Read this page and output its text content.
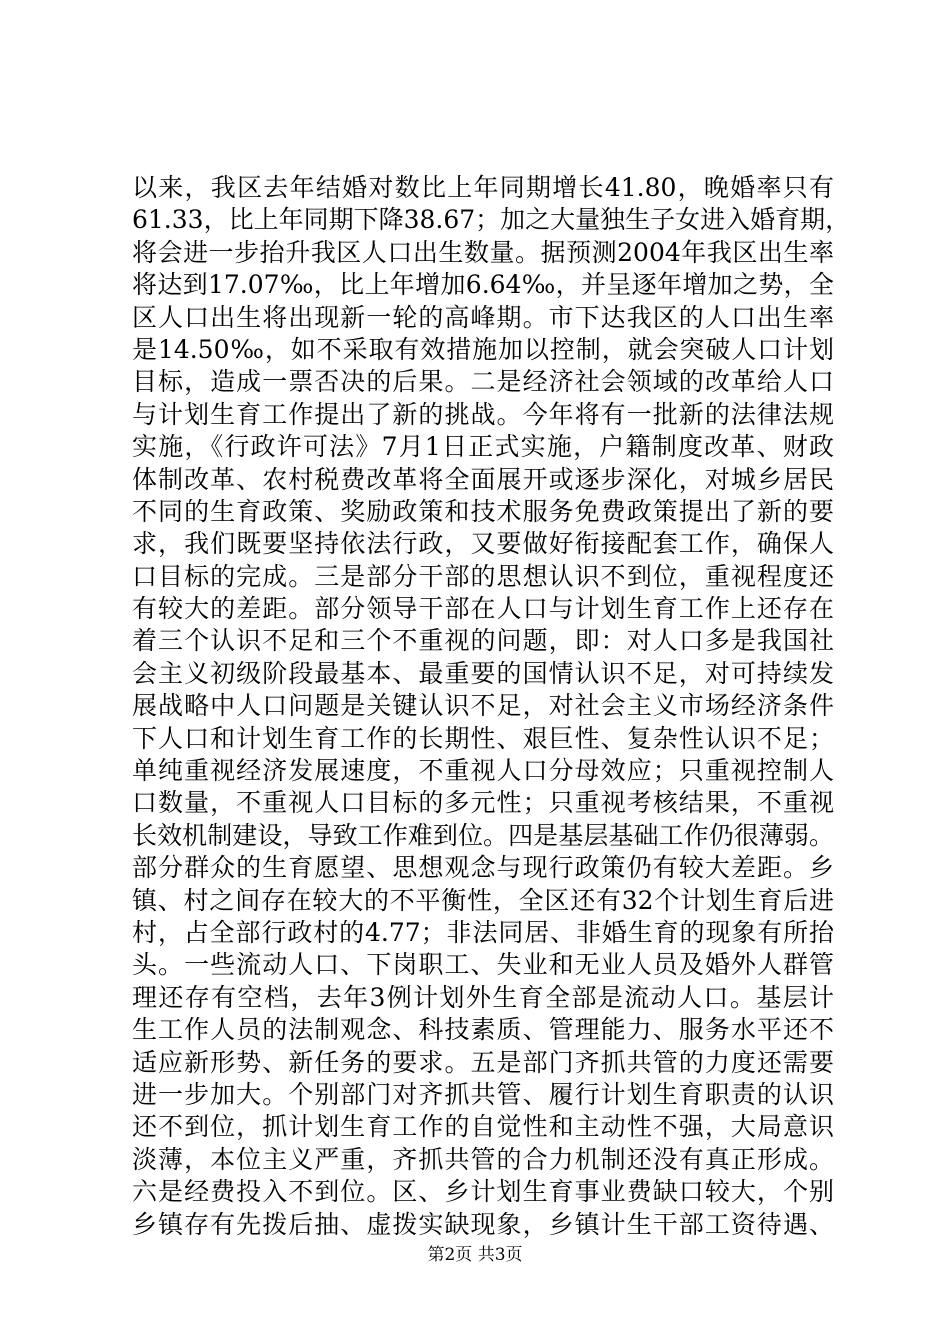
以来，我区去年结婚对数比上年同期增长41.80，晚婚率只有
61.33，比上年同期下降38.67；加之大量独生子女进入婚育期，
将会进一步抬升我区人口出生数量。据预测2004年我区出生率
将达到17.07‰，比上年增加6.64‰，并呈逐年增加之势，全
区人口出生将出现新一轮的高峰期。市下达我区的人口出生率
是14.50‰，如不采取有效措施加以控制，就会突破人口计划
目标，造成一票否决的后果。二是经济社会领域的改革给人口
与计划生育工作提出了新的挑战。今年将有一批新的法律法规
实施，《行政许可法》7月1日正式实施，户籍制度改革、财政
体制改革、农村税费改革将全面展开或逐步深化，对城乡居民
不同的生育政策、奖励政策和技术服务免费政策提出了新的要
求，我们既要坚持依法行政，又要做好衔接配套工作，确保人
口目标的完成。三是部分干部的思想认识不到位，重视程度还
有较大的差距。部分领导干部在人口与计划生育工作上还存在
着三个认识不足和三个不重视的问题，即：对人口多是我国社
会主义初级阶段最基本、最重要的国情认识不足，对可持续发
展战略中人口问题是关键认识不足，对社会主义市场经济条件
下人口和计划生育工作的长期性、艰巨性、复杂性认识不足；
单纯重视经济发展速度，不重视人口分母效应；只重视控制人
口数量，不重视人口目标的多元性；只重视考核结果，不重视
长效机制建设，导致工作难到位。四是基层基础工作仍很薄弱。
部分群众的生育愿望、思想观念与现行政策仍有较大差距。乡
镇、村之间存在较大的不平衡性，全区还有32个计划生育后进
村，占全部行政村的4.77；非法同居、非婚生育的现象有所抬
头。一些流动人口、下岗职工、失业和无业人员及婚外人群管
理还存有空档，去年3例计划外生育全部是流动人口。基层计
生工作人员的法制观念、科技素质、管理能力、服务水平还不
适应新形势、新任务的要求。五是部门齐抓共管的力度还需要
进一步加大。个别部门对齐抓共管、履行计划生育职责的认识
还不到位，抓计划生育工作的自觉性和主动性不强，大局意识
淡薄，本位主义严重，齐抓共管的合力机制还没有真正形成。
六是经费投入不到位。区、乡计划生育事业费缺口较大，个别
乡镇存有先拨后抽、虚拨实缺现象，乡镇计生干部工资待遇、
第2页 共3页
